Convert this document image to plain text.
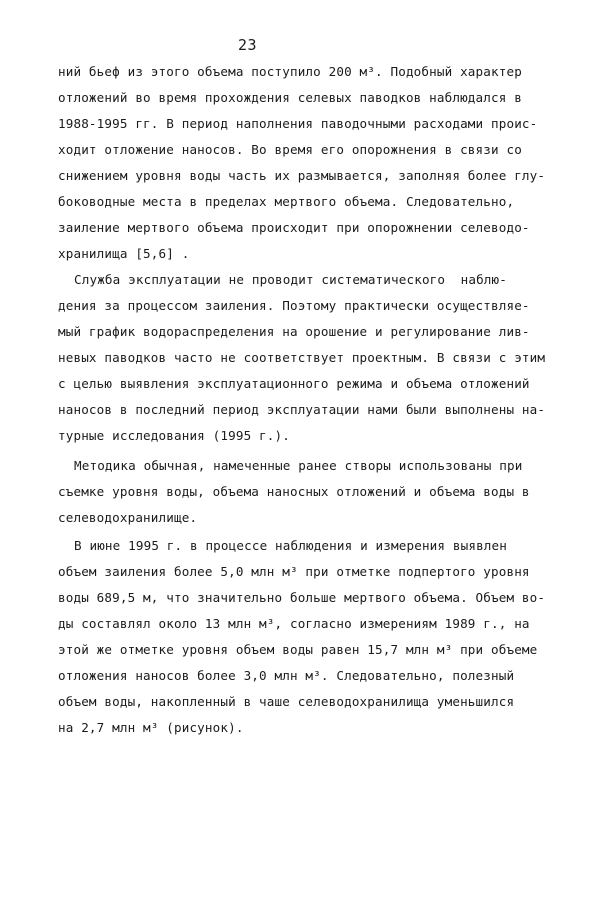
23
ний бьеф из этого объема поступило 200 м³. Подобный характер
отложений во время прохождения селевых паводков наблюдался в
1988-1995 гг. В период наполнения паводочными расходами проис-
ходит отложение наносов. Во время его опорожнения в связи со
снижением уровня воды часть их размывается, заполняя более глу-
боководные места в пределах мертвого объема. Следовательно,
заиление мертвого объема происходит при опорожнении селеводо-
хранилища [5,6] .
Служба эксплуатации не проводит систематического  наблю-
дения за процессом заиления. Поэтому практически осуществляе-
мый график водораспределения на орошение и регулирование лив-
невых паводков часто не соответствует проектным. В связи с этим
с целью выявления эксплуатационного режима и объема отложений
наносов в последний период эксплуатации нами были выполнены на-
турные исследования (1995 г.).
Методика обычная, намеченные ранее створы использованы при
съемке уровня воды, объема наносных отложений и объема воды в
селеводохранилище.
В июне 1995 г. в процессе наблюдения и измерения выявлен
объем заиления более 5,0 млн м³ при отметке подпертого уровня
воды 689,5 м, что значительно больше мертвого объема. Объем во-
ды составлял около 13 млн м³, согласно измерениям 1989 г., на
этой же отметке уровня объем воды равен 15,7 млн м³ при объеме
отложения наносов более 3,0 млн м³. Следовательно, полезный
объем воды, накопленный в чаше селеводохранилища уменьшился
на 2,7 млн м³ (рисунок).
